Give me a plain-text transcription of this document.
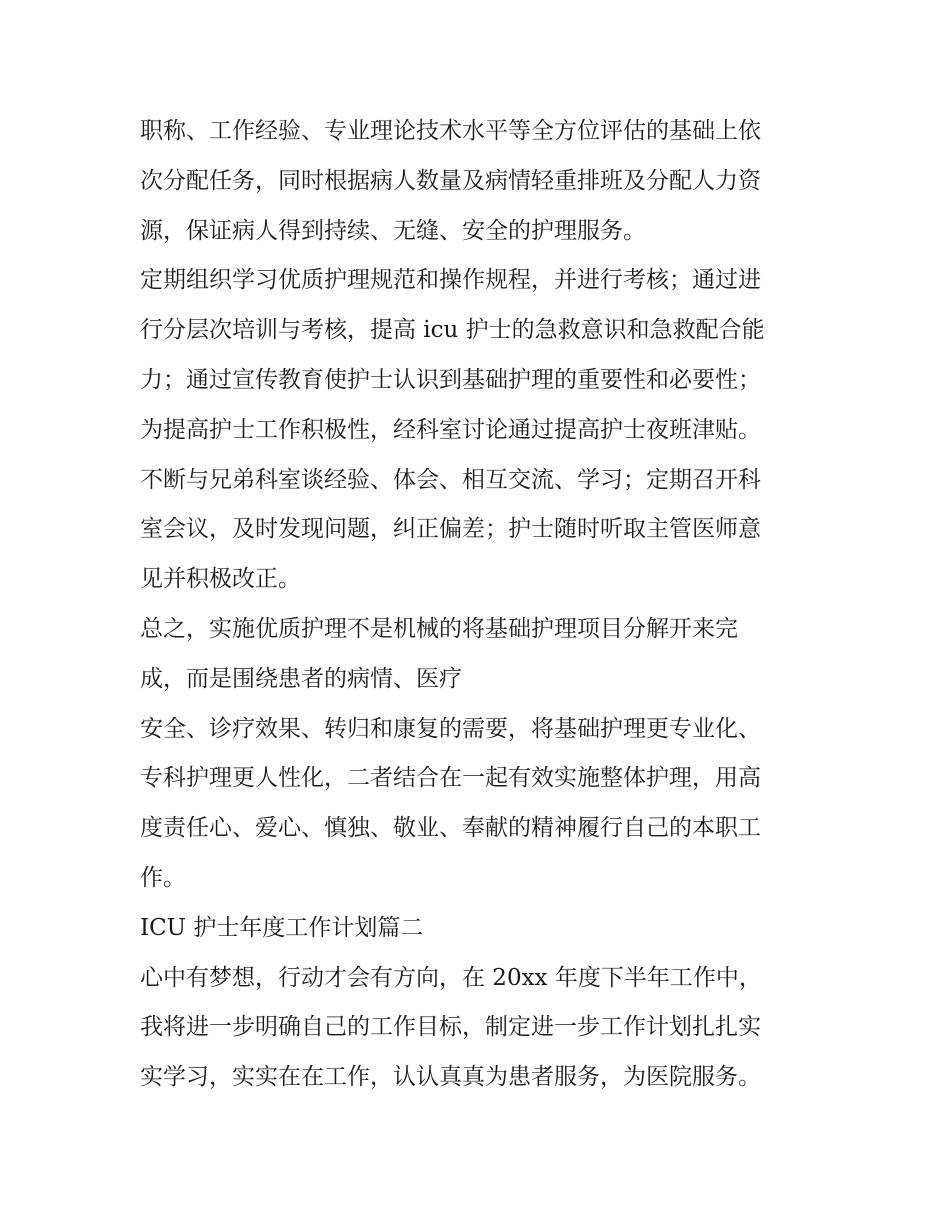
职称、工作经验、专业理论技术水平等全方位评估的基础上依
次分配任务，同时根据病人数量及病情轻重排班及分配人力资
源，保证病人得到持续、无缝、安全的护理服务。
定期组织学习优质护理规范和操作规程，并进行考核；通过进
行分层次培训与考核，提高 icu 护士的急救意识和急救配合能
力；通过宣传教育使护士认识到基础护理的重要性和必要性；
为提高护士工作积极性，经科室讨论通过提高护士夜班津贴。
不断与兄弟科室谈经验、体会、相互交流、学习；定期召开科
室会议，及时发现问题，纠正偏差；护士随时听取主管医师意
见并积极改正。
总之，实施优质护理不是机械的将基础护理项目分解开来完
成，而是围绕患者的病情、医疗
安全、诊疗效果、转归和康复的需要，将基础护理更专业化、
专科护理更人性化，二者结合在一起有效实施整体护理，用高
度责任心、爱心、慎独、敬业、奉献的精神履行自己的本职工
作。
ICU 护士年度工作计划篇二
心中有梦想，行动才会有方向，在 20xx 年度下半年工作中，
我将进一步明确自己的工作目标，制定进一步工作计划扎扎实
实学习，实实在在工作，认认真真为患者服务，为医院服务。
